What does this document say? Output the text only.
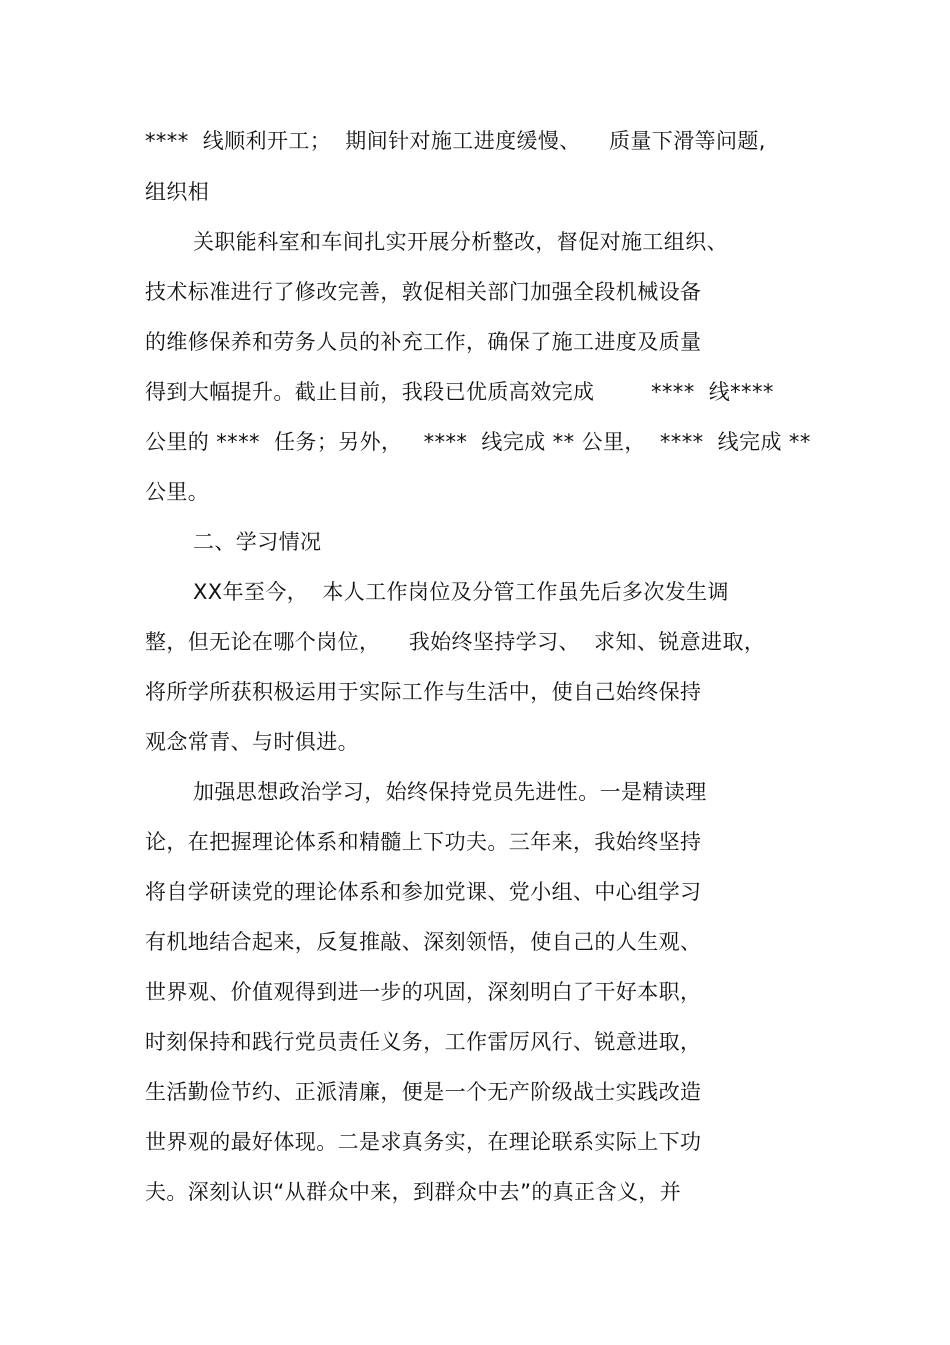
****  线顺利开工；  期间针对施工进度缓慢、    质量下滑等问题,
组织相
关职能科室和车间扎实开展分析整改，督促对施工组织、
技术标准进行了修改完善，敦促相关部门加强全段机械设备
的维修保养和劳务人员的补充工作，确保了施工进度及质量
得到大幅提升。截止目前，我段已优质高效完成        ****  线****
公里的 ****  任务；另外，   ****  线完成 ** 公里，  ****  线完成 **
公里。
二、学习情况
XX年至今，  本人工作岗位及分管工作虽先后多次发生调
整，但无论在哪个岗位，    我始终坚持学习、  求知、锐意进取，
将所学所获积极运用于实际工作与生活中，使自己始终保持
观念常青、与时俱进。
加强思想政治学习，始终保持党员先进性。一是精读理
论，在把握理论体系和精髓上下功夫。三年来，我始终坚持
将自学研读党的理论体系和参加党课、党小组、中心组学习
有机地结合起来，反复推敲、深刻领悟，使自己的人生观、
世界观、价值观得到进一步的巩固，深刻明白了干好本职，
时刻保持和践行党员责任义务，工作雷厉风行、锐意进取，
生活勤俭节约、正派清廉，便是一个无产阶级战士实践改造
世界观的最好体现。二是求真务实，在理论联系实际上下功
夫。深刻认识“从群众中来，到群众中去”的真正含义，并
